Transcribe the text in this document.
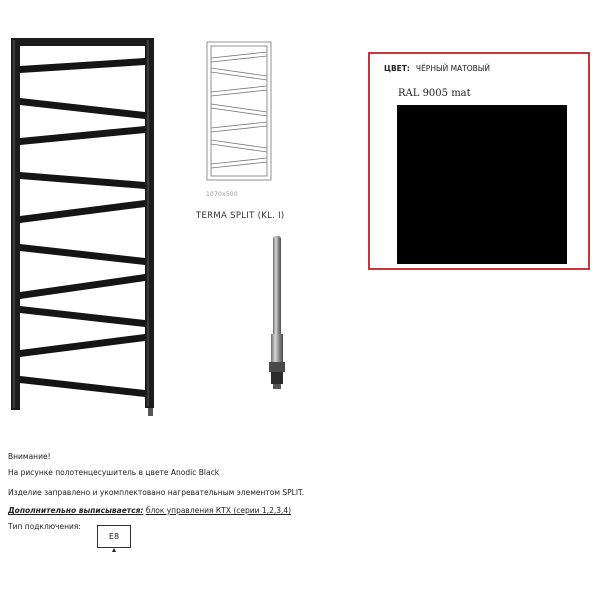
1070x500
TERMA SPLIT (KL. I)
ЦВЕТ: ЧЁРНЫЙ МАТОВЫЙ
RAL 9005 mat
Внимание!
На рисунке полотенцесушитель в цвете Anodic Black
Изделие заправлено и укомплектовано нагревательным элементом SPLIT.
Дополнительно выписывается: блок управления КТХ (серии 1,2,3,4)
Тип подключения:
E8
